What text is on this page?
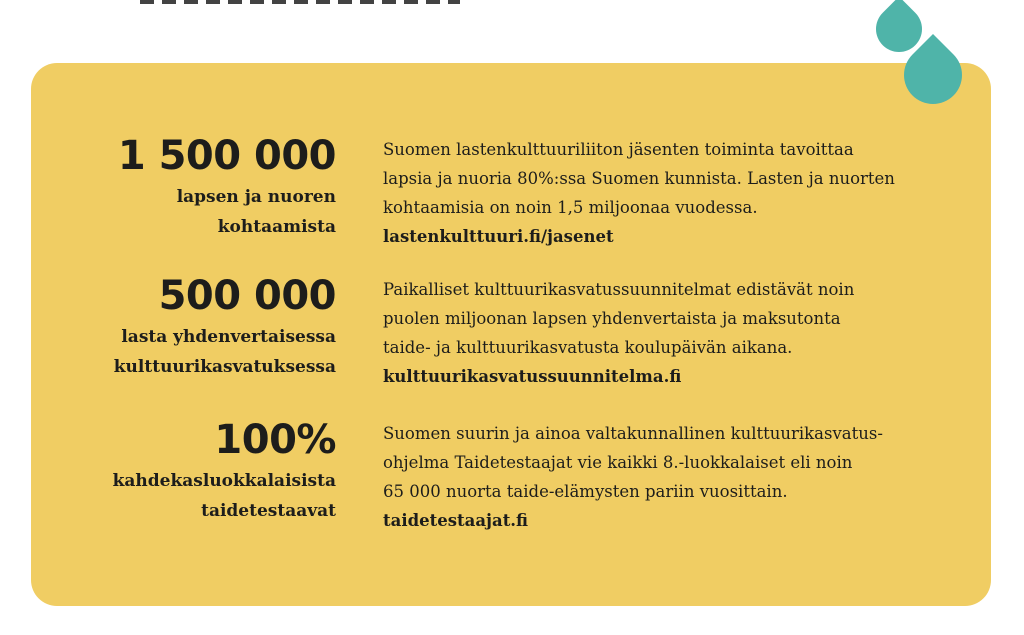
1 500 000

lapsen ja nuoren
kohtaamista

Suomen lastenkulttuuriliiton jäsenten toiminta tavoittaa
lapsia ja nuoria 80%:ssa Suomen kunnista. Lasten ja nuorten
kohtaamisia on noin 1,5 miljoonaa vuodessa.
lastenkulttuuri.fi/jasenet

500 000

lasta yhdenvertaisessa
kulttuurikasvatuksessa

Paikalliset kulttuurikasvatussuunnitelmat edistävät noin
puolen miljoonan lapsen yhdenvertaista ja maksutonta
taide- ja kulttuurikasvatusta koulupäivän aikana.
kulttuurikasvatussuunnitelma.fi

100%

kahdekasluokkalaisista
taidetestaavat

Suomen suurin ja ainoa valtakunnallinen kulttuurikasvatus-
ohjelma Taidetestaajat vie kaikki 8.-luokkalaiset eli noin
65 000 nuorta taide-elämysten pariin vuosittain.
taidetestaajat.fi
